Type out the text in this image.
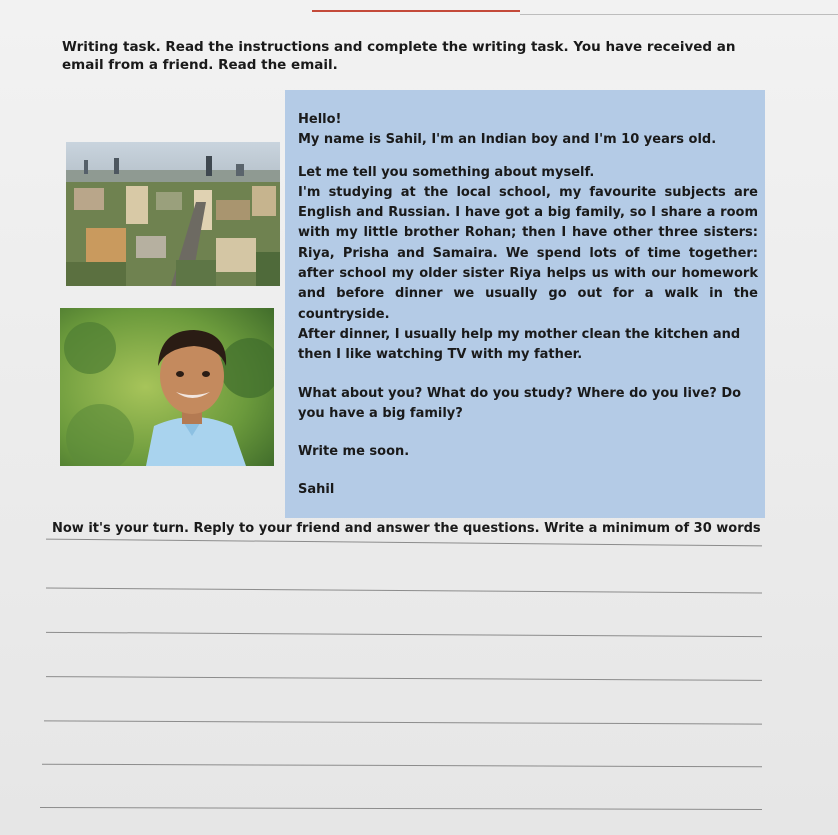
Writing task. Read the instructions and complete the writing task. You have received an email from a friend. Read the email.

Hello!

My name is Sahil, I'm an Indian boy and I'm 10 years old.

Let me tell you something about myself.

I'm studying at the local school, my favourite subjects are English and Russian. I have got a big family, so I share a room with my little brother Rohan; then I have other three sisters: Riya, Prisha and Samaira. We spend lots of time together: after school my older sister Riya helps us with our homework and before dinner we usually go out for a walk in the countryside.

After dinner, I usually help my mother clean the kitchen and then I like watching TV with my father.

What about you? What do you study? Where do you live? Do you have a big family?

Write me soon.

Sahil

Now it's your turn. Reply to your friend and answer the questions. Write a minimum of 30 words
